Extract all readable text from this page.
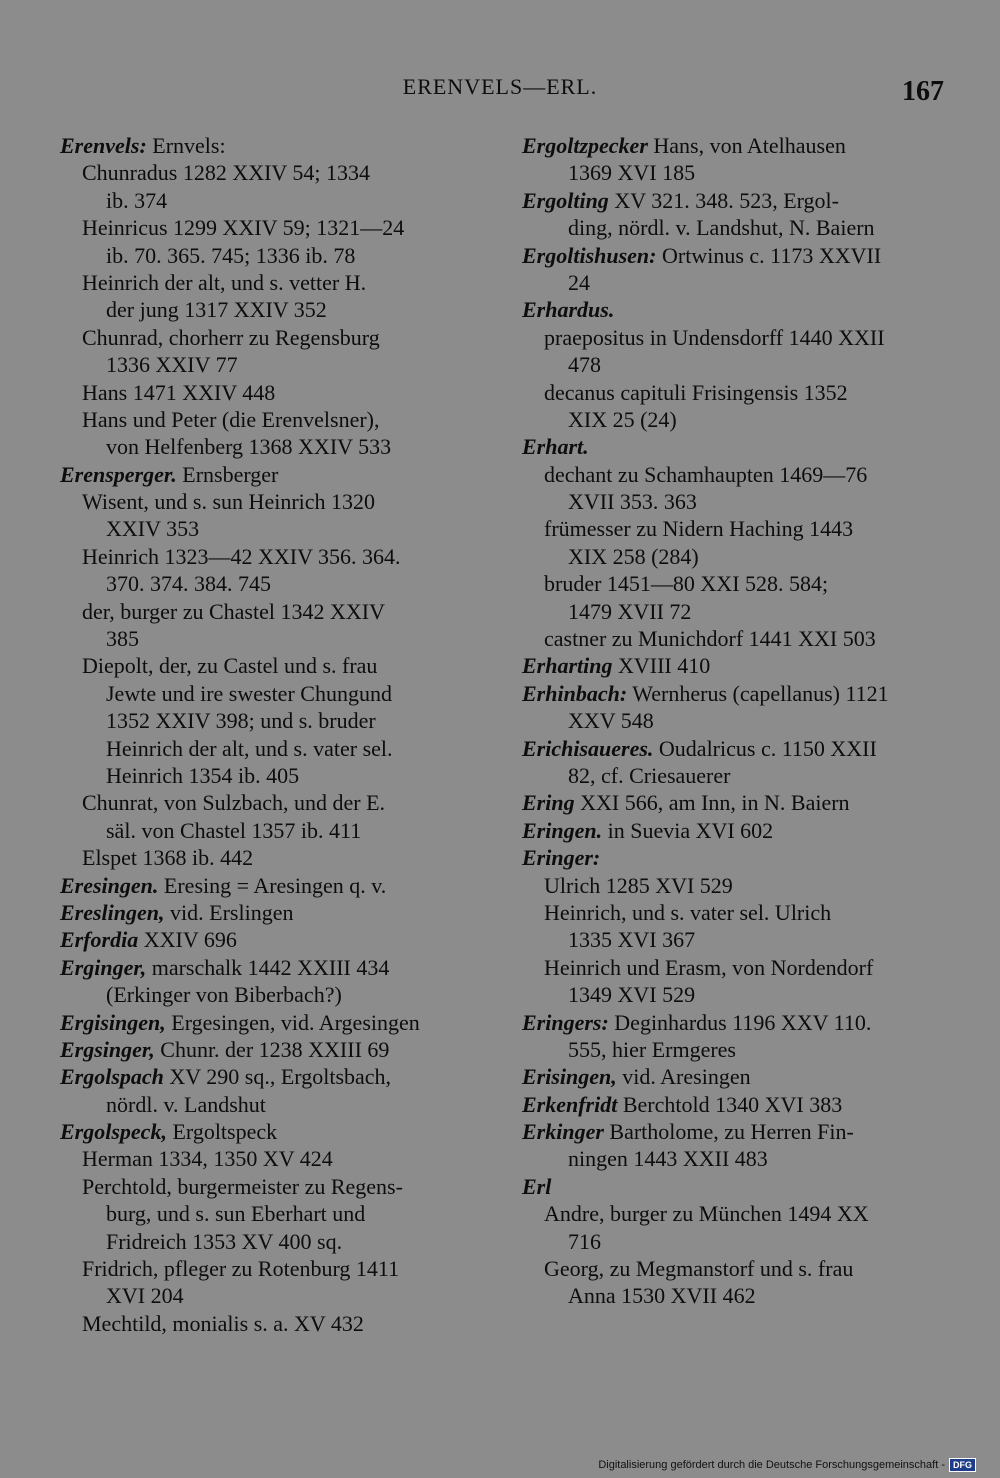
ERENVELS—ERL.	167
Erenvels: Ernvels:
Chunradus 1282 XXIV 54; 1334
ib. 374
Heinricus 1299 XXIV 59; 1321—24
ib. 70. 365. 745; 1336 ib. 78
Heinrich der alt, und s. vetter H.
der jung 1317 XXIV 352
Chunrad, chorherr zu Regensburg
1336 XXIV 77
Hans 1471 XXIV 448
Hans und Peter (die Erenvelsner),
von Helfenberg 1368 XXIV 533
Erensperger. Ernsberger
Wisent, und s. sun Heinrich 1320
XXIV 353
Heinrich 1323—42 XXIV 356. 364.
370. 374. 384. 745
der, burger zu Chastel 1342 XXIV
385
Diepolt, der, zu Castel und s. frau
Jewte und ire swester Chungund
1352 XXIV 398; und s. bruder
Heinrich der alt, und s. vater sel.
Heinrich 1354 ib. 405
Chunrat, von Sulzbach, und der E.
säl. von Chastel 1357 ib. 411
Elspet 1368 ib. 442
Eresingen. Eresing = Aresingen q. v.
Ereslingen, vid. Erslingen
Erfordia XXIV 696
Erginger, marschalk 1442 XXIII 434
(Erkinger von Biberbach?)
Ergisingen, Ergesingen, vid. Argesingen
Ergsinger, Chunr. der 1238 XXIII 69
Ergolspach XV 290 sq., Ergoltsbach,
nördl. v. Landshut
Ergolspeck, Ergoltspeck
Herman 1334, 1350 XV 424
Perchtold, burgermeister zu Regens-
burg, und s. sun Eberhart und
Fridreich 1353 XV 400 sq.
Fridrich, pfleger zu Rotenburg 1411
XVI 204
Mechtild, monialis s. a. XV 432
Ergoltzpecker Hans, von Atelhausen
1369 XVI 185
Ergolting XV 321. 348. 523, Ergol-
ding, nördl. v. Landshut, N. Baiern
Ergoltishusen: Ortwinus c. 1173 XXVII
24
Erhardus.
praepositus in Undensdorff 1440 XXII
478
decanus capituli Frisingensis 1352
XIX 25 (24)
Erhart.
dechant zu Schamhaupten 1469—76
XVII 353. 363
frümesser zu Nidern Haching 1443
XIX 258 (284)
bruder 1451—80 XXI 528. 584;
1479 XVII 72
castner zu Munichdorf 1441 XXI 503
Erharting XVIII 410
Erhinbach: Wernherus (capellanus) 1121
XXV 548
Erichisaueres. Oudalricus c. 1150 XXII
82, cf. Criesauerer
Ering XXI 566, am Inn, in N. Baiern
Eringen. in Suevia XVI 602
Eringer:
Ulrich 1285 XVI 529
Heinrich, und s. vater sel. Ulrich
1335 XVI 367
Heinrich und Erasm, von Nordendorf
1349 XVI 529
Eringers: Deginhardus 1196 XXV 110.
555, hier Ermgeres
Erisingen, vid. Aresingen
Erkenfridt Berchtold 1340 XVI 383
Erkinger Bartholome, zu Herren Fin-
ningen 1443 XXII 483
Erl
Andre, burger zu München 1494 XX
716
Georg, zu Megmanstorf und s. frau
Anna 1530 XVII 462
Digitalisierung gefördert durch die Deutsche Forschungsgemeinschaft - DFG
